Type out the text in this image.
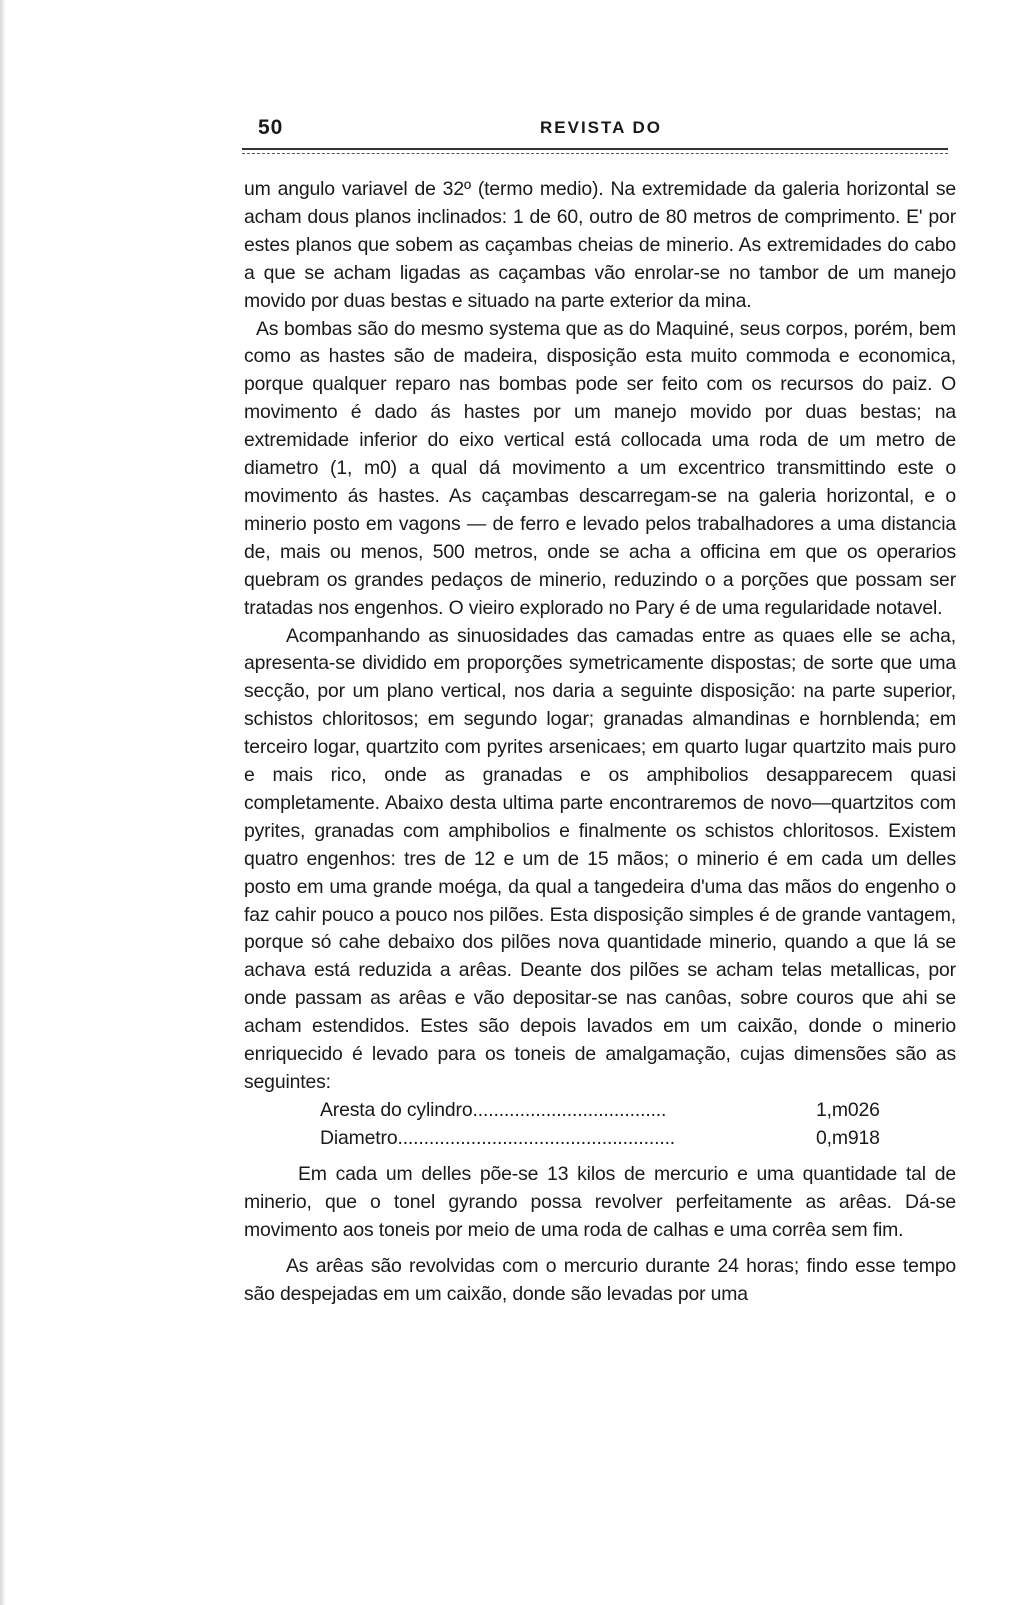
50	REVISTA DO

um angulo variavel de 32º (termo medio). Na extremidade da galeria horizontal se acham dous planos inclinados: 1 de 60, outro de 80 metros de comprimento. E' por estes planos que sobem as caçambas cheias de minerio. As extremidades do cabo a que se acham ligadas as caçambas vão enrolar-se no tambor de um manejo movido por duas bestas e situado na parte exterior da mina.

As bombas são do mesmo systema que as do Maquiné, seus corpos, porém, bem como as hastes são de madeira, disposição esta muito commoda e economica, porque qualquer reparo nas bombas pode ser feito com os recursos do paiz. O movimento é dado ás hastes por um manejo movido por duas bestas; na extremidade inferior do eixo vertical está collocada uma roda de um metro de diametro (1, m0) a qual dá movimento a um excentrico transmittindo este o movimento ás hastes. As caçambas descarregam-se na galeria horizontal, e o minerio posto em vagons — de ferro e levado pelos trabalhadores a uma distancia de, mais ou menos, 500 metros, onde se acha a officina em que os operarios quebram os grandes pedaços de minerio, reduzindo o a porções que possam ser tratadas nos engenhos. O vieiro explorado no Pary é de uma regularidade notavel.

Acompanhando as sinuosidades das camadas entre as quaes elle se acha, apresenta-se dividido em proporções symetricamente dispostas; de sorte que uma secção, por um plano vertical, nos daria a seguinte disposição: na parte superior, schistos chloritosos; em segundo logar; granadas almandinas e hornblenda; em terceiro logar, quartzito com pyrites arsenicaes; em quarto lugar quartzito mais puro e mais rico, onde as granadas e os amphibolios desapparecem quasi completamente. Abaixo desta ultima parte encontraremos de novo—quartzitos com pyrites, granadas com amphibolios e finalmente os schistos chloritosos. Existem quatro engenhos: tres de 12 e um de 15 mãos; o minerio é em cada um delles posto em uma grande moéga, da qual a tangedeira d'uma das mãos do engenho o faz cahir pouco a pouco nos pilões. Esta disposição simples é de grande vantagem, porque só cahe debaixo dos pilões nova quantidade minerio, quando a que lá se achava está reduzida a arêas. Deante dos pilões se acham telas metallicas, por onde passam as arêas e vão depositar-se nas canôas, sobre couros que ahi se acham estendidos. Estes são depois lavados em um caixão, donde o minerio enriquecido é levado para os toneis de amalgamação, cujas dimensões são as seguintes:

Aresta do cylindro.....................................	1,m026
Diametro.....................................................	0,m918

Em cada um delles põe-se 13 kilos de mercurio e uma quantidade tal de minerio, que o tonel gyrando possa revolver perfeitamente as arêas. Dá-se movimento aos toneis por meio de uma roda de calhas e uma corrêa sem fim.

As arêas são revolvidas com o mercurio durante 24 horas; findo esse tempo são despejadas em um caixão, donde são levadas por uma
